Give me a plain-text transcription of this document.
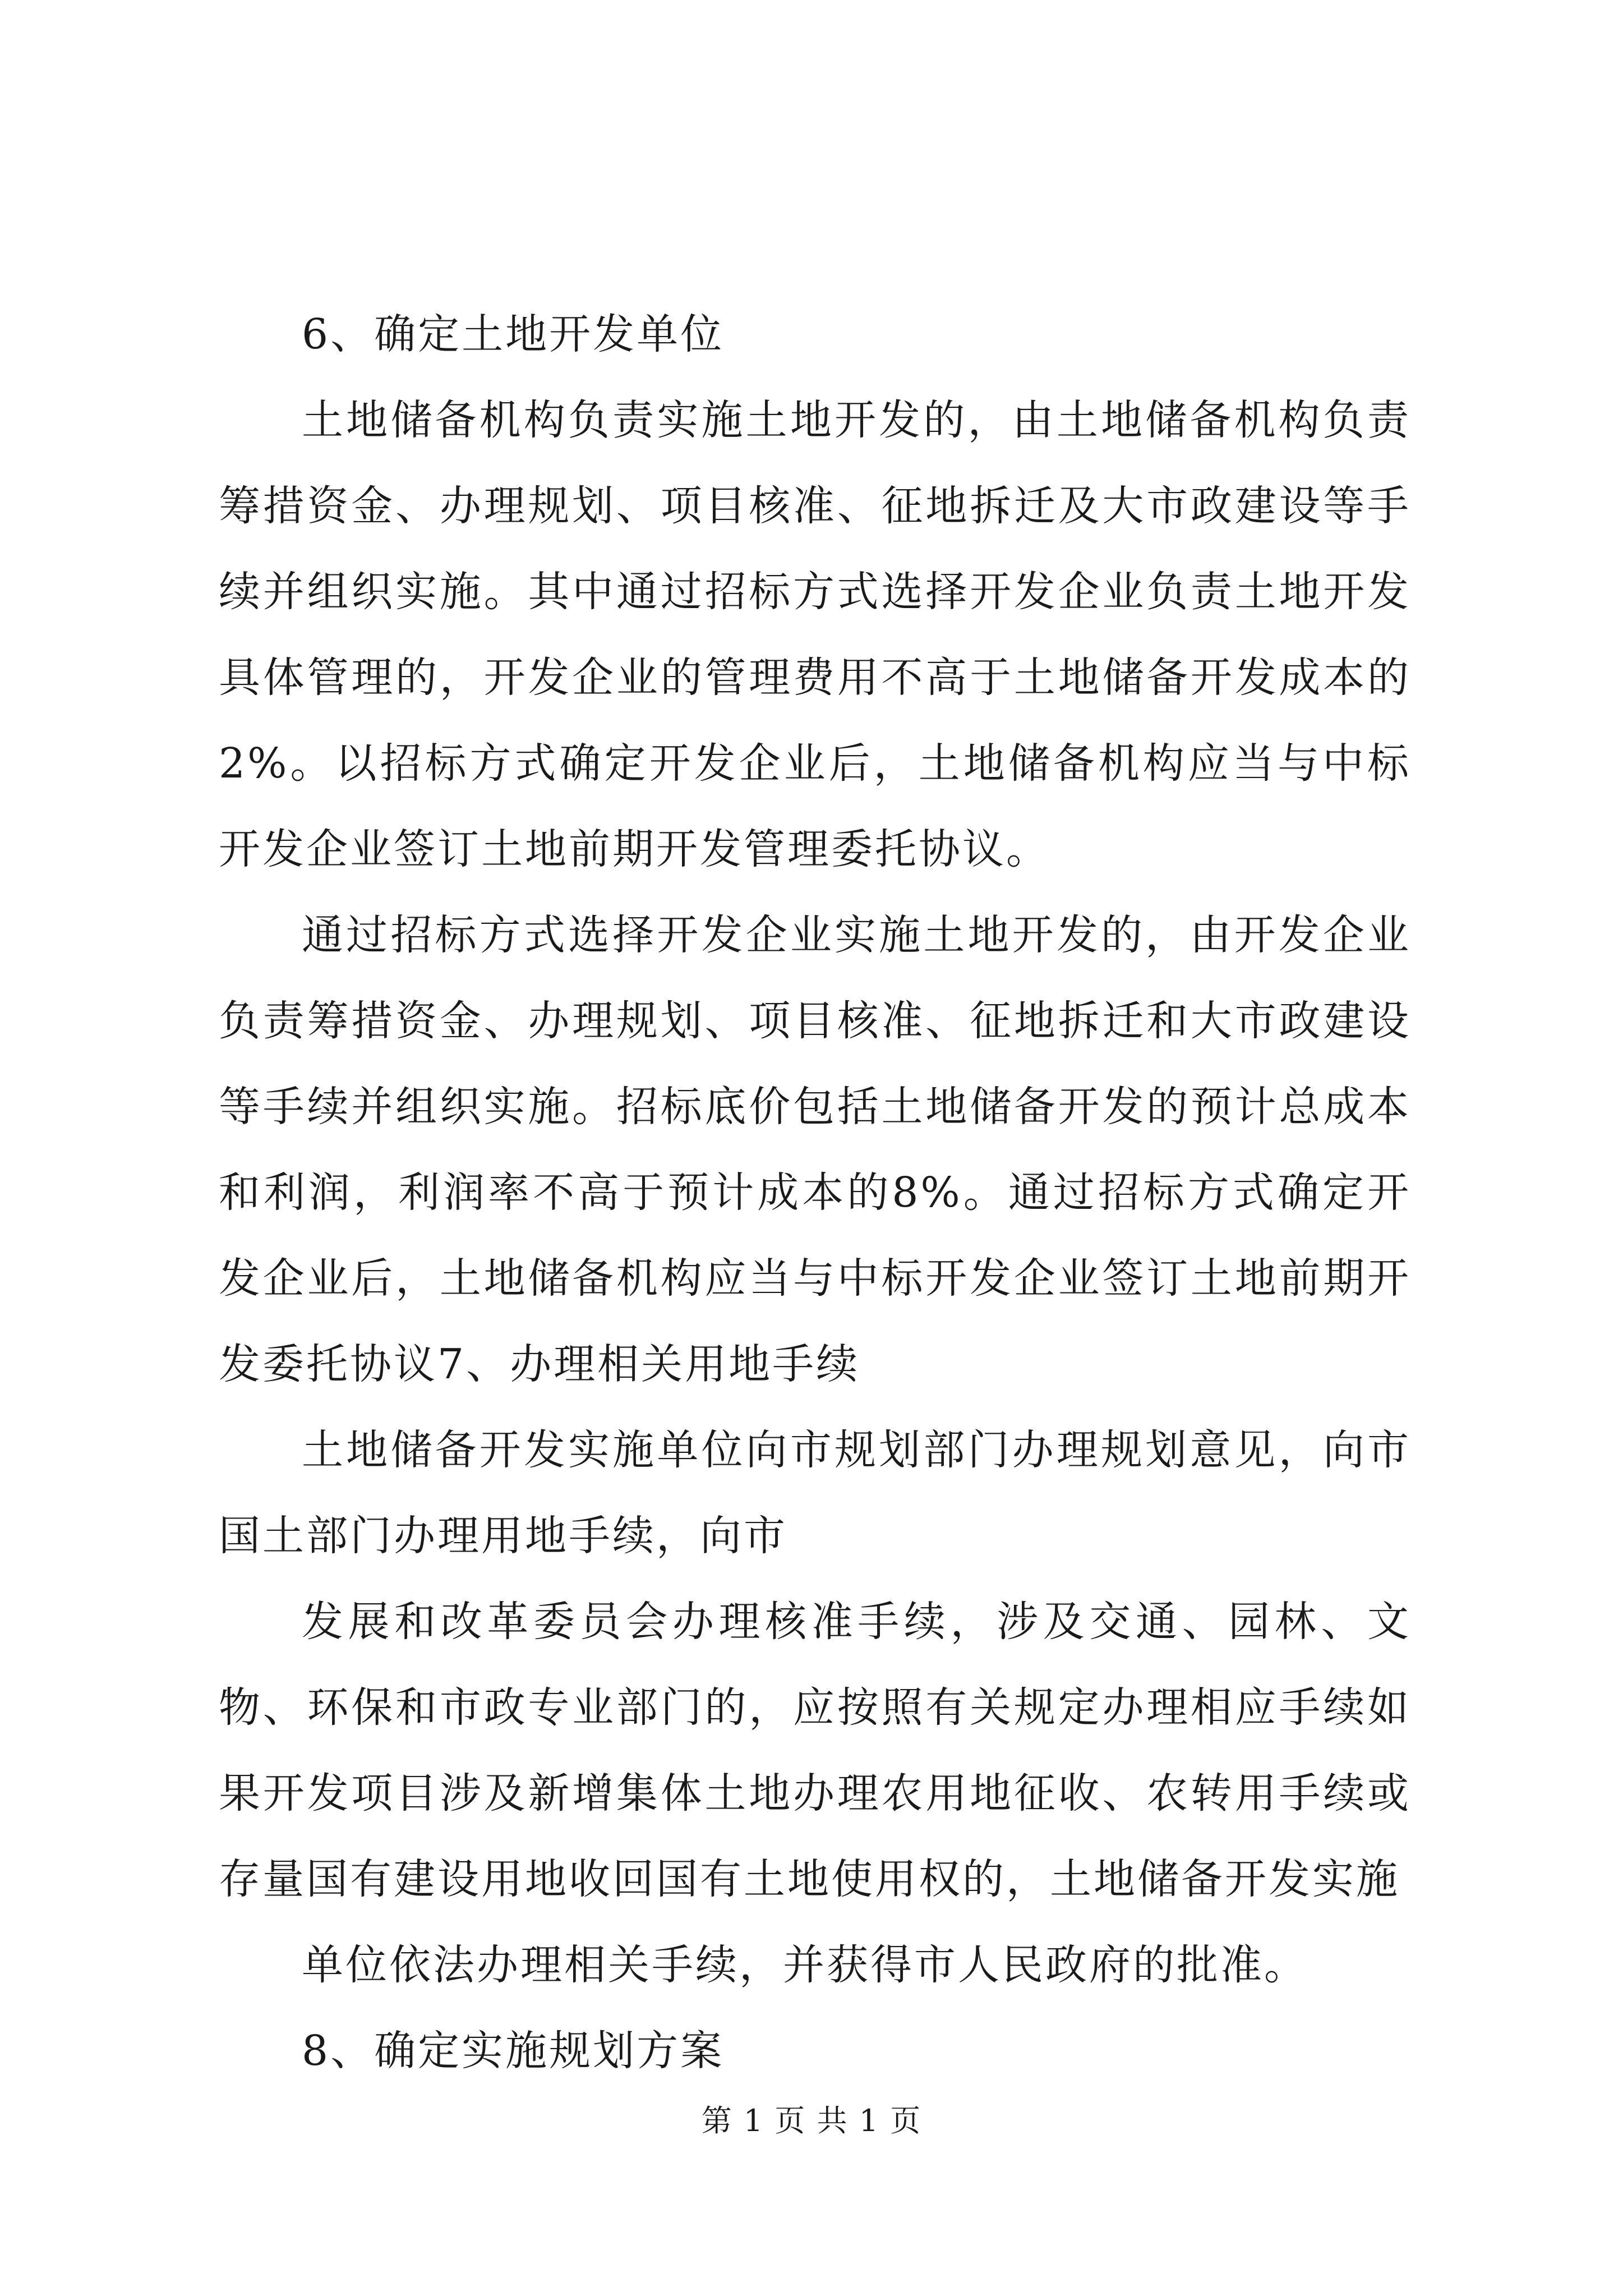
6、确定土地开发单位

土地储备机构负责实施土地开发的，由土地储备机构负责筹措资金、办理规划、项目核准、征地拆迁及大市政建设等手续并组织实施。其中通过招标方式选择开发企业负责土地开发具体管理的，开发企业的管理费用不高于土地储备开发成本的2%。以招标方式确定开发企业后，土地储备机构应当与中标开发企业签订土地前期开发管理委托协议。

通过招标方式选择开发企业实施土地开发的，由开发企业负责筹措资金、办理规划、项目核准、征地拆迁和大市政建设等手续并组织实施。招标底价包括土地储备开发的预计总成本和利润，利润率不高于预计成本的8%。通过招标方式确定开发企业后，土地储备机构应当与中标开发企业签订土地前期开发委托协议7、办理相关用地手续

土地储备开发实施单位向市规划部门办理规划意见，向市国土部门办理用地手续，向市

发展和改革委员会办理核准手续，涉及交通、园林、文物、环保和市政专业部门的，应按照有关规定办理相应手续如果开发项目涉及新增集体土地办理农用地征收、农转用手续或存量国有建设用地收回国有土地使用权的，土地储备开发实施

单位依法办理相关手续，并获得市人民政府的批准。

8、确定实施规划方案

第 1 页 共 1 页
